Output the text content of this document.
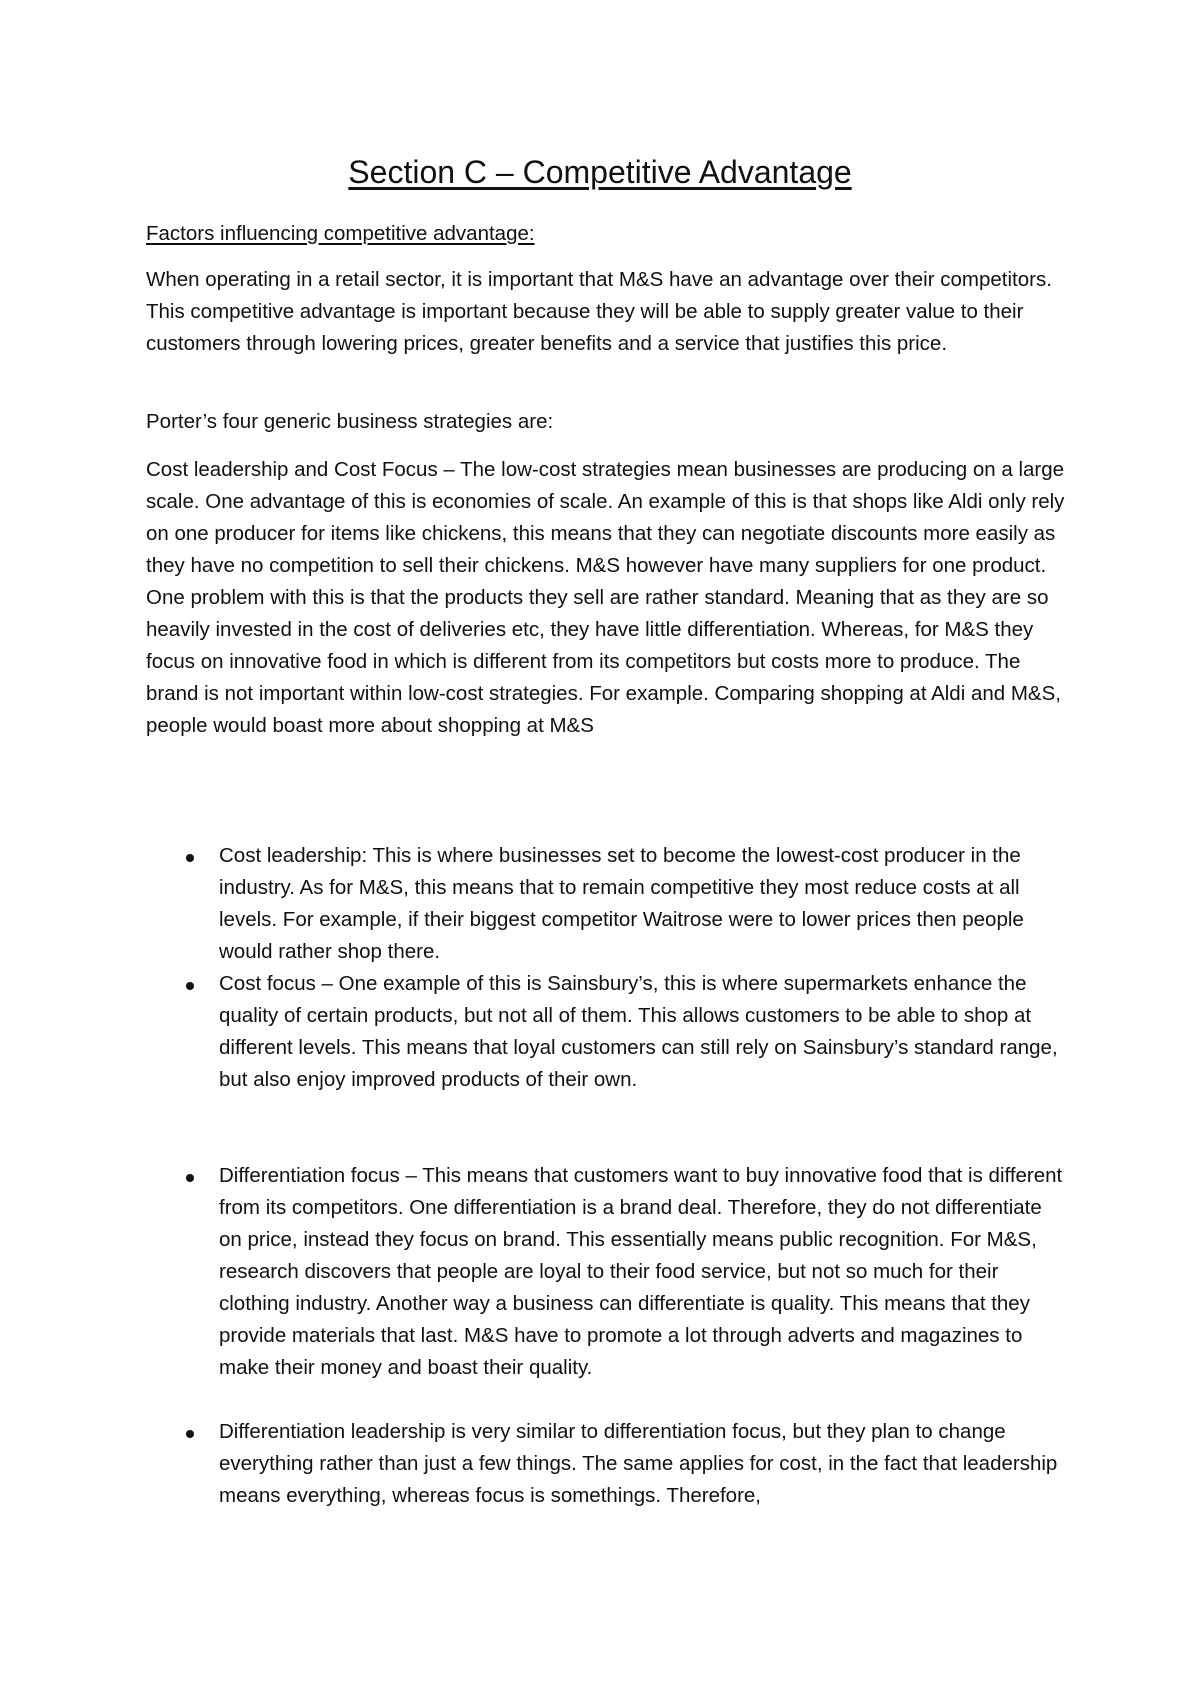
Section C – Competitive Advantage

Factors influencing competitive advantage:

When operating in a retail sector, it is important that M&S have an advantage over their competitors. This competitive advantage is important because they will be able to supply greater value to their customers through lowering prices, greater benefits and a service that justifies this price.

Porter’s four generic business strategies are:

Cost leadership and Cost Focus – The low-cost strategies mean businesses are producing on a large scale. One advantage of this is economies of scale. An example of this is that shops like Aldi only rely on one producer for items like chickens, this means that they can negotiate discounts more easily as they have no competition to sell their chickens. M&S however have many suppliers for one product. One problem with this is that the products they sell are rather standard. Meaning that as they are so heavily invested in the cost of deliveries etc, they have little differentiation. Whereas, for M&S they focus on innovative food in which is different from its competitors but costs more to produce. The brand is not important within low-cost strategies. For example. Comparing shopping at Aldi and M&S, people would boast more about shopping at M&S

Cost leadership: This is where businesses set to become the lowest-cost producer in the industry. As for M&S, this means that to remain competitive they most reduce costs at all levels. For example, if their biggest competitor Waitrose were to lower prices then people would rather shop there.

Cost focus – One example of this is Sainsbury’s, this is where supermarkets enhance the quality of certain products, but not all of them. This allows customers to be able to shop at different levels. This means that loyal customers can still rely on Sainsbury’s standard range, but also enjoy improved products of their own.

Differentiation focus – This means that customers want to buy innovative food that is different from its competitors. One differentiation is a brand deal. Therefore, they do not differentiate on price, instead they focus on brand. This essentially means public recognition. For M&S, research discovers that people are loyal to their food service, but not so much for their clothing industry. Another way a business can differentiate is quality. This means that they provide materials that last. M&S have to promote a lot through adverts and magazines to make their money and boast their quality.

Differentiation leadership is very similar to differentiation focus, but they plan to change everything rather than just a few things. The same applies for cost, in the fact that leadership means everything, whereas focus is somethings. Therefore,
